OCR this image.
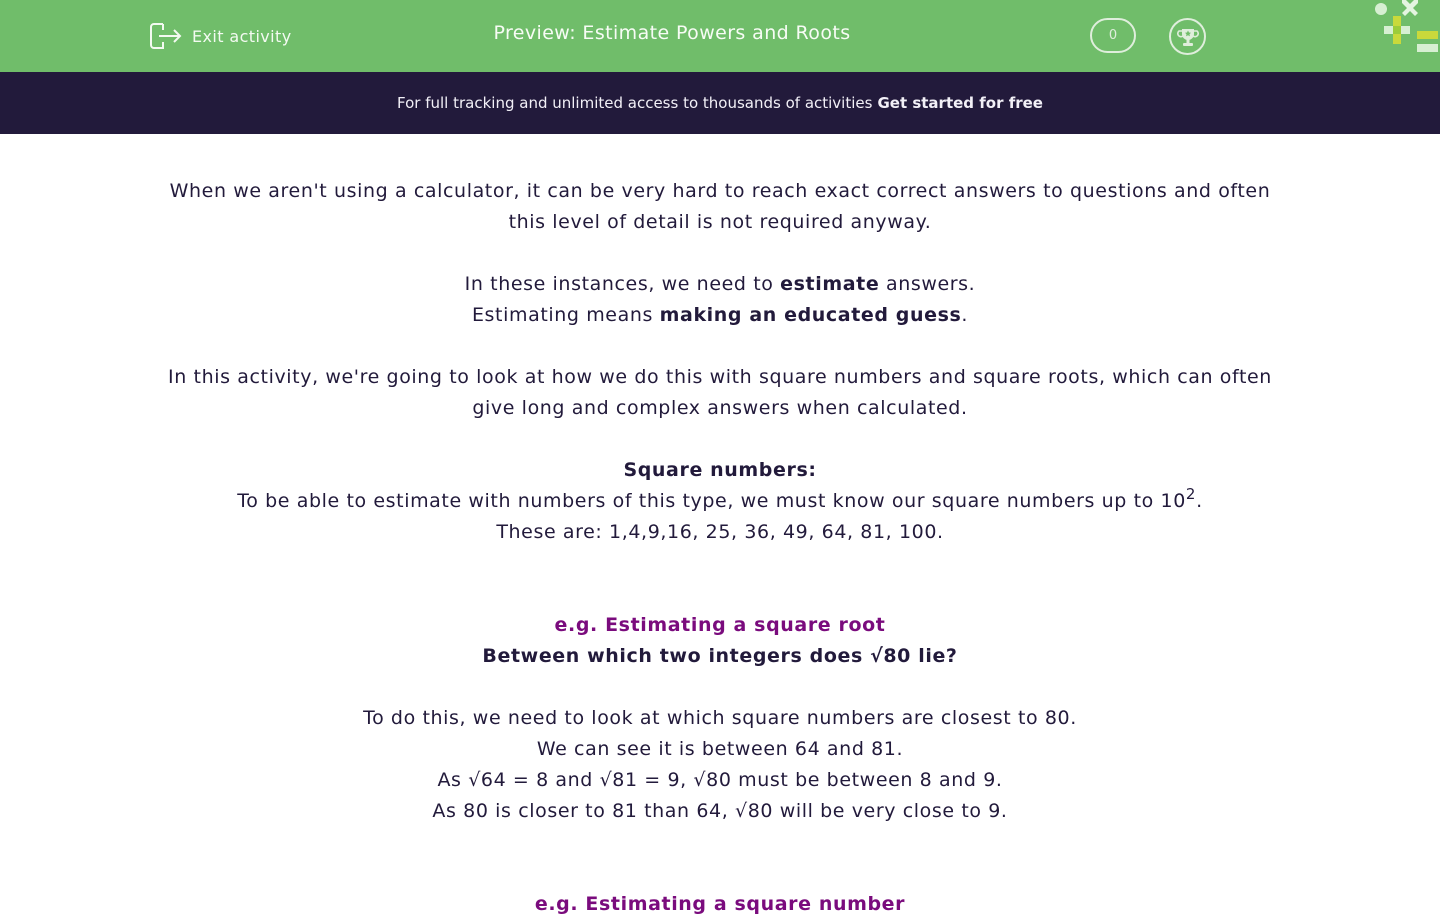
Exit activity	Preview: Estimate Powers and Roots	0
For full tracking and unlimited access to thousands of activities Get started for free

When we aren't using a calculator, it can be very hard to reach exact correct answers to questions and often this level of detail is not required anyway.

In these instances, we need to estimate answers.

Estimating means making an educated guess.

In this activity, we're going to look at how we do this with square numbers and square roots, which can often give long and complex answers when calculated.

Square numbers:

To be able to estimate with numbers of this type, we must know our square numbers up to $10^2$.

These are: 1,4,9,16, 25, 36, 49, 64, 81, 100.

e.g. Estimating a square root

Between which two integers does √80 lie?

To do this, we need to look at which square numbers are closest to 80.

We can see it is between 64 and 81.

As √64 = 8 and √81 = 9, √80 must be between 8 and 9.

As 80 is closer to 81 than 64, √80 will be very close to 9.

e.g. Estimating a square number
